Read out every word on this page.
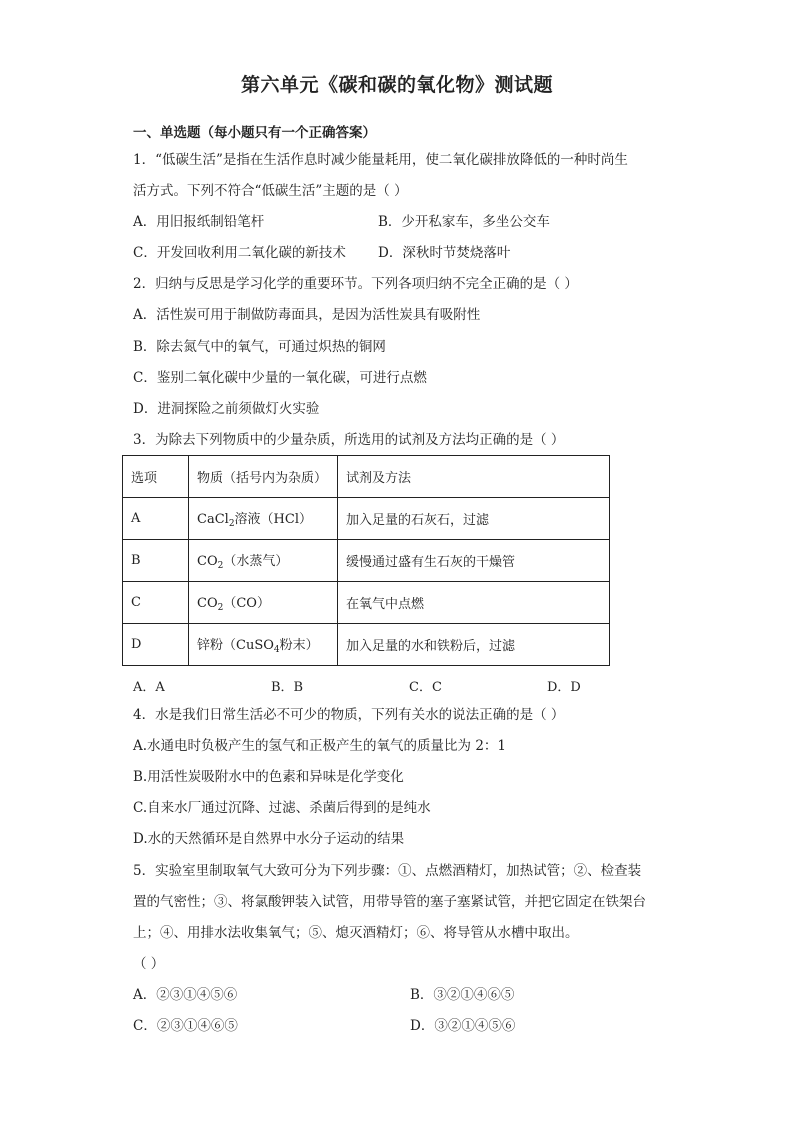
第六单元《碳和碳的氧化物》测试题
一、单选题（每小题只有一个正确答案）
1．“低碳生活”是指在生活作息时减少能量耗用，使二氧化碳排放降低的一种时尚生
活方式。下列不符合“低碳生活”主题的是（ ）
A．用旧报纸制铅笔杆	B．少开私家车，多坐公交车
C．开发回收利用二氧化碳的新技术 D．深秋时节焚烧落叶
2．归纳与反思是学习化学的重要环节。下列各项归纳不完全正确的是（ ）
A．活性炭可用于制做防毒面具，是因为活性炭具有吸附性
B．除去氮气中的氧气，可通过炽热的铜网
C．鉴别二氧化碳中少量的一氧化碳，可进行点燃
D．进洞探险之前须做灯火实验
3．为除去下列物质中的少量杂质，所选用的试剂及方法均正确的是（ ）
选项	物质（括号内为杂质）	试剂及方法
A	CaCl$_2$溶液（HCl）	加入足量的石灰石，过滤
B	$CO_2$（水蒸气）	缓慢通过盛有生石灰的干燥管
C	$CO_2(CO)$	在氧气中点燃
D	锌粉（CuSO$_4$粉末）	加入足量的水和铁粉后，过滤
A．A	B．B	C．C	D．D
4．水是我们日常生活必不可少的物质，下列有关水的说法正确的是（ ）
A.水通电时负极产生的氢气和正极产生的氧气的质量比为 2：1
B.用活性炭吸附水中的色素和异味是化学变化
C.自来水厂通过沉降、过滤、杀菌后得到的是纯水
D.水的天然循环是自然界中水分子运动的结果
5．实验室里制取氧气大致可分为下列步骤：①、点燃酒精灯，加热试管；②、检查装
置的气密性；③、将氯酸钾装入试管，用带导管的塞子塞紧试管，并把它固定在铁架台
上；④、用排水法收集氧气；⑤、熄灭酒精灯；⑥、将导管从水槽中取出。
（ ）
A．②③①④⑤⑥	B．③②①④⑥⑤
C．②③①④⑥⑤	D．③②①④⑤⑥
